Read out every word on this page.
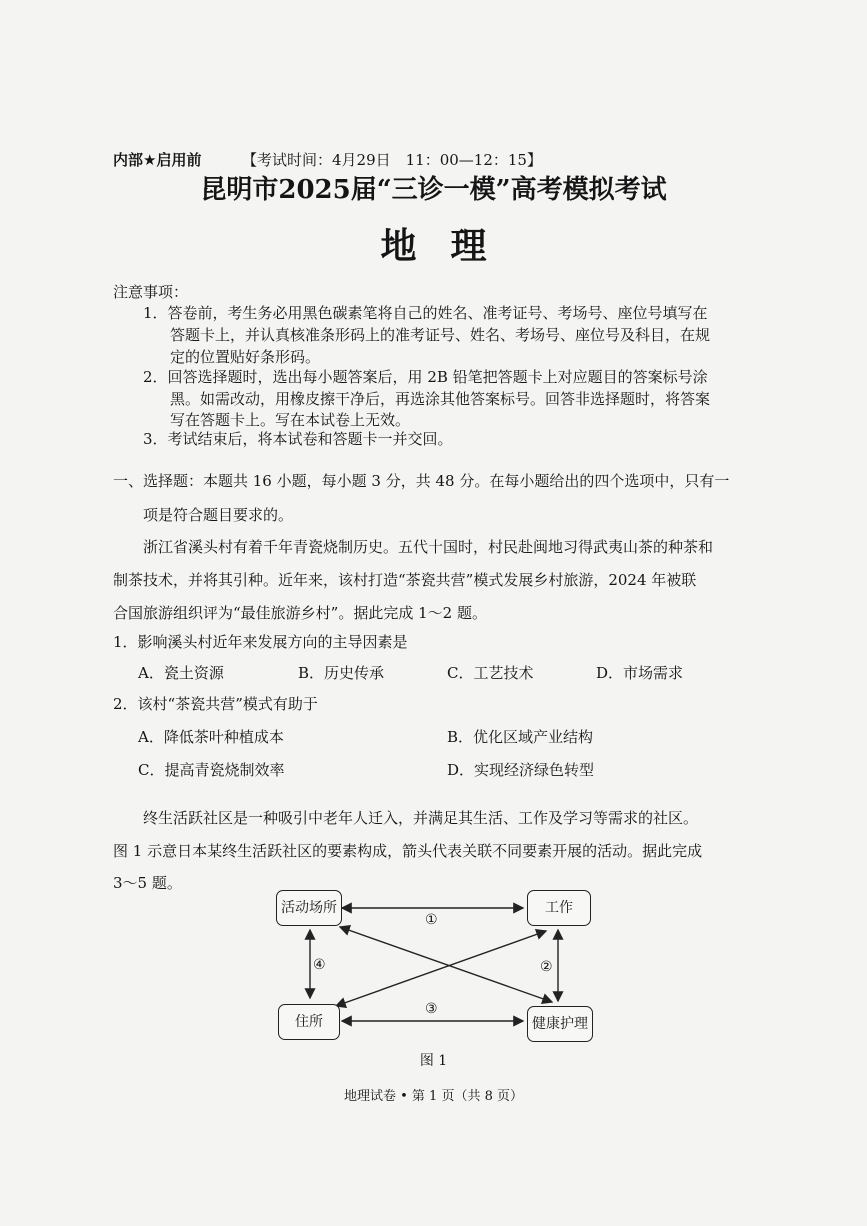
内部★启用前	【考试时间：4月29日　11：00—12：15】
昆明市2025届“三诊一模”高考模拟考试
地理
注意事项：
1．答卷前，考生务必用黑色碳素笔将自己的姓名、准考证号、考场号、座位号填写在
答题卡上，并认真核准条形码上的准考证号、姓名、考场号、座位号及科目，在规
定的位置贴好条形码。
2．回答选择题时，选出每小题答案后，用 2B 铅笔把答题卡上对应题目的答案标号涂
黑。如需改动，用橡皮擦干净后，再选涂其他答案标号。回答非选择题时，将答案
写在答题卡上。写在本试卷上无效。
3．考试结束后，将本试卷和答题卡一并交回。
一、选择题：本题共 16 小题，每小题 3 分，共 48 分。在每小题给出的四个选项中，只有一
项是符合题目要求的。
浙江省溪头村有着千年青瓷烧制历史。五代十国时，村民赴闽地习得武夷山茶的种茶和
制茶技术，并将其引种。近年来，该村打造“茶瓷共营”模式发展乡村旅游，2024 年被联
合国旅游组织评为“最佳旅游乡村”。据此完成 1～2 题。
1．影响溪头村近年来发展方向的主导因素是
A．瓷土资源	B．历史传承	C．工艺技术	D．市场需求
2．该村“茶瓷共营”模式有助于
A．降低茶叶种植成本	B．优化区域产业结构
C．提高青瓷烧制效率	D．实现经济绿色转型
终生活跃社区是一种吸引中老年人迁入，并满足其生活、工作及学习等需求的社区。
图 1 示意日本某终生活跃社区的要素构成，箭头代表关联不同要素开展的活动。据此完成
3～5 题。
活动场所	工作
住所	健康护理
①
②
③
④
图 1
地理试卷 • 第 1 页（共 8 页）
